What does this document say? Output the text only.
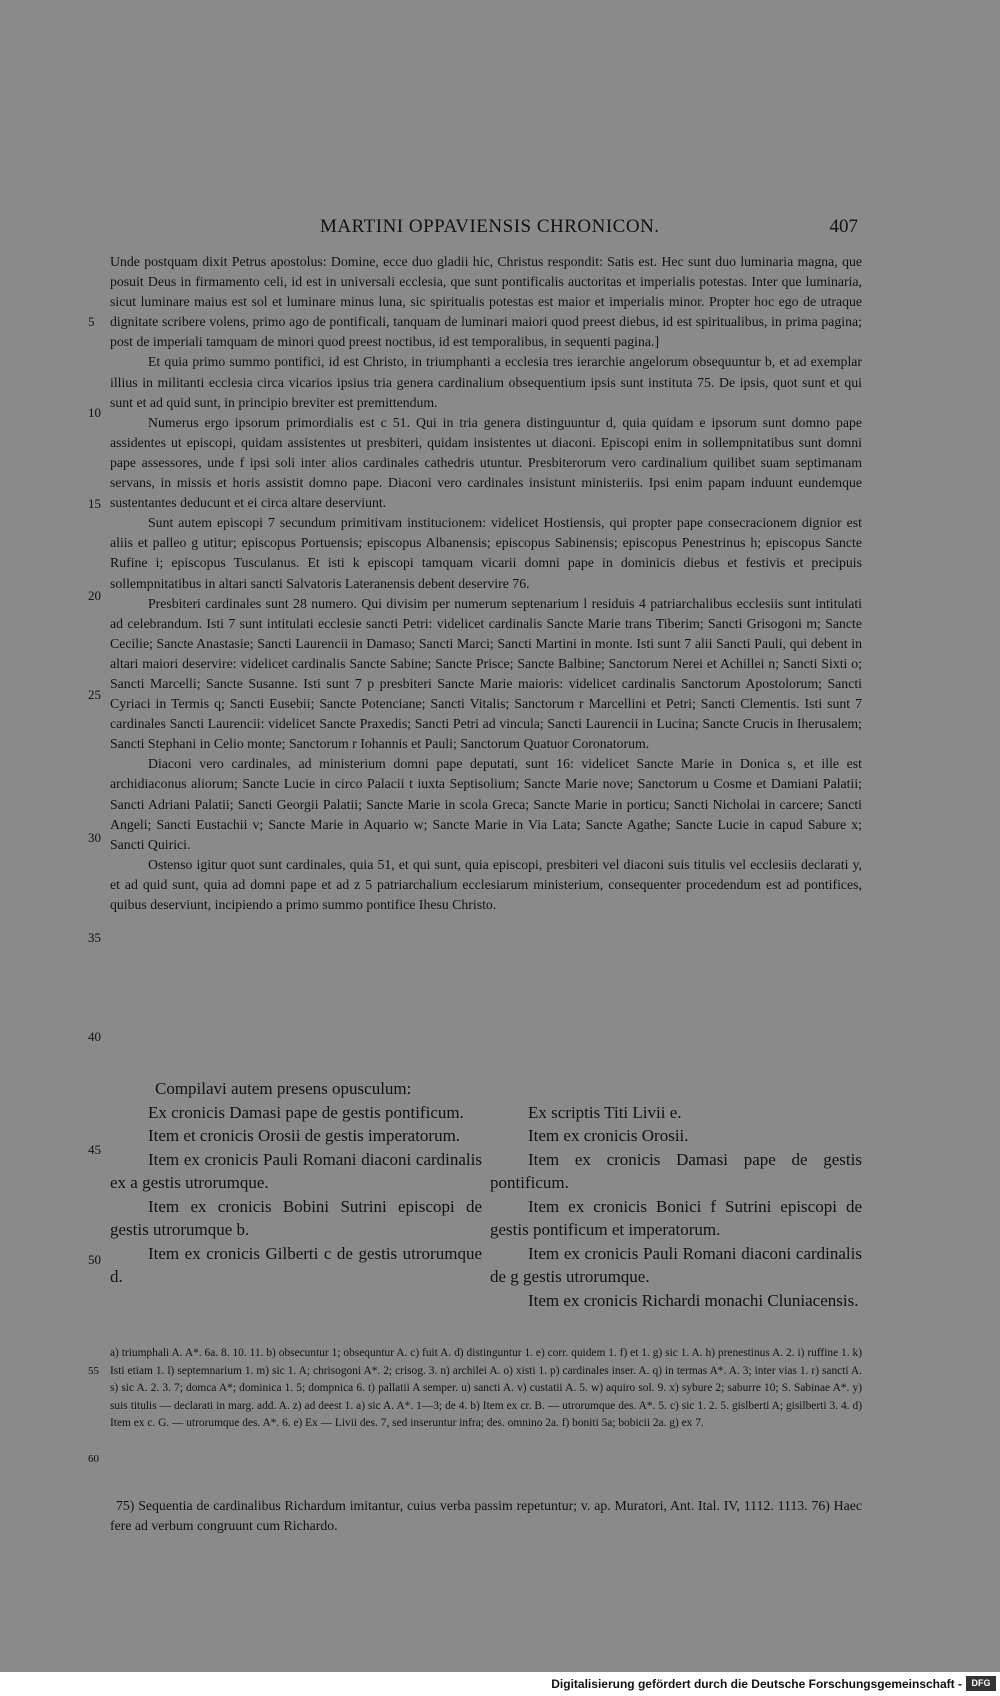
MARTINI OPPAVIENSIS CHRONICON.	407
5
10
15
20
25
30
35
40

Unde postquam dixit Petrus apostolus: Domine, ecce duo gladii hic, Christus respondit: Satis est. Hec sunt duo luminaria magna, que posuit Deus in firmamento celi, id est in universali ecclesia, que sunt pontificalis auctoritas et imperialis potestas. Inter que luminaria, sicut luminare maius est sol et luminare minus luna, sic spiritualis potestas est maior et imperialis minor. Propter hoc ego de utraque dignitate scribere volens, primo ago de pontificali, tanquam de luminari maiori quod preest diebus, id est spiritualibus, in prima pagina; post de imperiali tamquam de minori quod preest noctibus, id est temporalibus, in sequenti pagina.]

Et quia primo summo pontifici, id est Christo, in triumphanti a ecclesia tres ierarchie angelorum obsequuntur b, et ad exemplar illius in militanti ecclesia circa vicarios ipsius tria genera cardinalium obsequentium ipsis sunt instituta 75. De ipsis, quot sunt et qui sunt et ad quid sunt, in principio breviter est premittendum.

Numerus ergo ipsorum primordialis est c 51. Qui in tria genera distinguuntur d, quia quidam e ipsorum sunt domno pape assidentes ut episcopi, quidam assistentes ut presbiteri, quidam insistentes ut diaconi. Episcopi enim in sollempnitatibus sunt domni pape assessores, unde f ipsi soli inter alios cardinales cathedris utuntur. Presbiterorum vero cardinalium quilibet suam septimanam servans, in missis et horis assistit domno pape. Diaconi vero cardinales insistunt ministeriis. Ipsi enim papam induunt eundemque sustentantes deducunt et ei circa altare deserviunt.

Sunt autem episcopi 7 secundum primitivam institucionem: videlicet Hostiensis, qui propter pape consecracionem dignior est aliis et palleo g utitur; episcopus Portuensis; episcopus Albanensis; episcopus Sabinensis; episcopus Penestrinus h; episcopus Sancte Rufine i; episcopus Tusculanus. Et isti k episcopi tamquam vicarii domni pape in dominicis diebus et festivis et precipuis sollempnitatibus in altari sancti Salvatoris Lateranensis debent deservire 76.

Presbiteri cardinales sunt 28 numero. Qui divisim per numerum septenarium l residuis 4 patriarchalibus ecclesiis sunt intitulati ad celebrandum. Isti 7 sunt intitulati ecclesie sancti Petri: videlicet cardinalis Sancte Marie trans Tiberim; Sancti Grisogoni m; Sancte Cecilie; Sancte Anastasie; Sancti Laurencii in Damaso; Sancti Marci; Sancti Martini in monte. Isti sunt 7 alii Sancti Pauli, qui debent in altari maiori deservire: videlicet cardinalis Sancte Sabine; Sancte Prisce; Sancte Balbine; Sanctorum Nerei et Achillei n; Sancti Sixti o; Sancti Marcelli; Sancte Susanne. Isti sunt 7 p presbiteri Sancte Marie maioris: videlicet cardinalis Sanctorum Apostolorum; Sancti Cyriaci in Termis q; Sancti Eusebii; Sancte Potenciane; Sancti Vitalis; Sanctorum r Marcellini et Petri; Sancti Clementis. Isti sunt 7 cardinales Sancti Laurencii: videlicet Sancte Praxedis; Sancti Petri ad vincula; Sancti Laurencii in Lucina; Sancte Crucis in Iherusalem; Sancti Stephani in Celio monte; Sanctorum r Iohannis et Pauli; Sanctorum Quatuor Coronatorum.

Diaconi vero cardinales, ad ministerium domni pape deputati, sunt 16: videlicet Sancte Marie in Donica s, et ille est archidiaconus aliorum; Sancte Lucie in circo Palacii t iuxta Septisolium; Sancte Marie nove; Sanctorum u Cosme et Damiani Palatii; Sancti Adriani Palatii; Sancti Georgii Palatii; Sancte Marie in scola Greca; Sancte Marie in porticu; Sancti Nicholai in carcere; Sancti Angeli; Sancti Eustachii v; Sancte Marie in Aquario w; Sancte Marie in Via Lata; Sancte Agathe; Sancte Lucie in capud Sabure x; Sancti Quirici.

Ostenso igitur quot sunt cardinales, quia 51, et qui sunt, quia episcopi, presbiteri vel diaconi suis titulis vel ecclesiis declarati y, et ad quid sunt, quia ad domni pape et ad z 5 patriarchalium ecclesiarum ministerium, consequenter procedendum est ad pontifices, quibus deserviunt, incipiendo a primo summo pontifice Ihesu Christo.

45
50
Compilavi autem presens opusculum:

Ex cronicis Damasi pape de gestis pontificum.

Item et cronicis Orosii de gestis imperatorum.

Item ex cronicis Pauli Romani diaconi cardinalis ex a gestis utrorumque.

Item ex cronicis Bobini Sutrini episcopi de gestis utrorumque b.

Item ex cronicis Gilberti c de gestis utrorumque d.

Ex scriptis Titi Livii e.

Item ex cronicis Orosii.

Item ex cronicis Damasi pape de gestis pontificum.

Item ex cronicis Bonici f Sutrini episcopi de gestis pontificum et imperatorum.

Item ex cronicis Pauli Romani diaconi cardinalis de g gestis utrorumque.

Item ex cronicis Richardi monachi Cluniacensis.

55
60

a) triumphali A. A*. 6a. 8. 10. 11. b) obsecuntur 1; obsequntur A. c) fuit A. d) distinguntur 1. e) corr. quidem 1. f) et 1. g) sic 1. A. h) prenestinus A. 2. i) ruffine 1. k) Isti etiam 1. l) septemnarium 1. m) sic 1. A; chrisogoni A*. 2; crisog. 3. n) archilei A. o) xisti 1. p) cardinales inser. A. q) in termas A*. A. 3; inter vias 1. r) sancti A. s) sic A. 2. 3. 7; domca A*; dominica 1. 5; dompnica 6. t) pallatii A semper. u) sancti A. v) custatii A. 5. w) aquiro sol. 9. x) sybure 2; saburre 10; S. Sabinae A*. y) suis titulis — declarati in marg. add. A. z) ad deest 1. a) sic A. A*. 1—3; de 4. b) Item ex cr. B. — utrorumque des. A*. 5. c) sic 1. 2. 5. gislberti A; gisilberti 3. 4. d) Item ex c. G. — utrorumque des. A*. 6. e) Ex — Livii des. 7, sed inseruntur infra; des. omnino 2a. f) boniti 5a; bobicii 2a. g) ex 7.

75) Sequentia de cardinalibus Richardum imitantur, cuius verba passim repetuntur; v. ap. Muratori, Ant. Ital. IV, 1112. 1113. 76) Haec fere ad verbum congruunt cum Richardo.

Digitalisierung gefördert durch die Deutsche Forschungsgemeinschaft -	DFG
